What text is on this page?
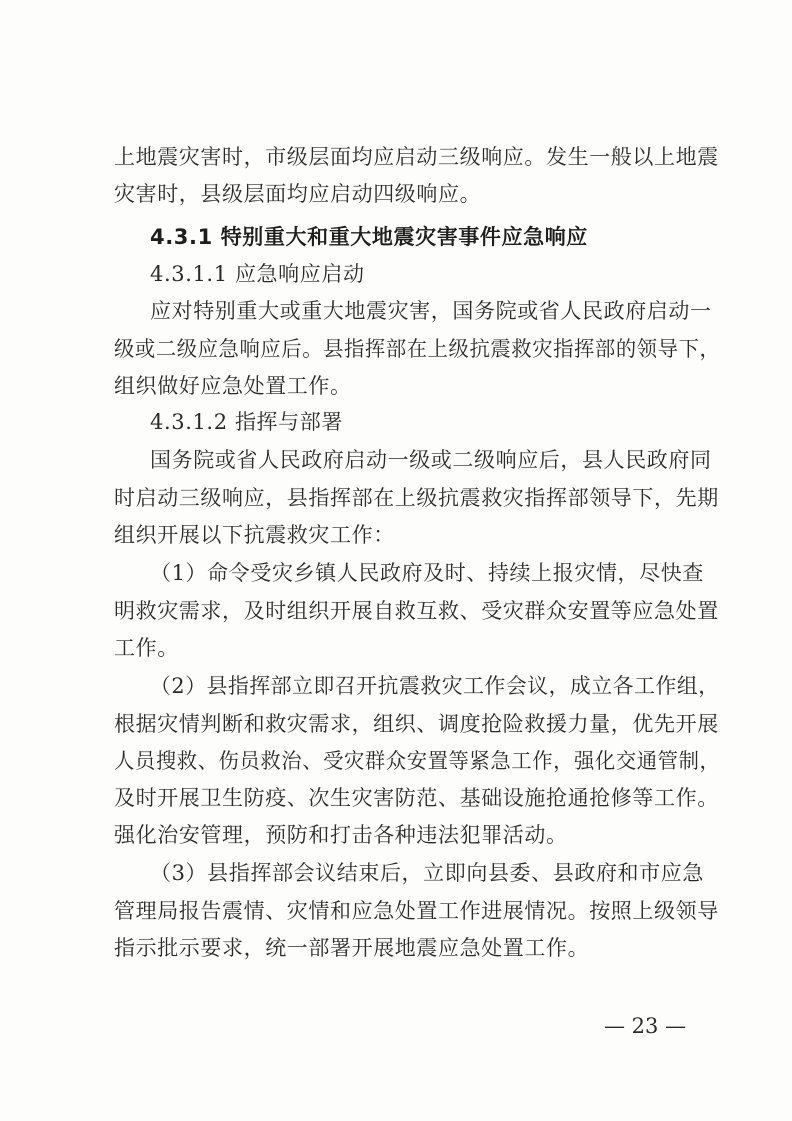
上地震灾害时，市级层面均应启动三级响应。发生一般以上地震
灾害时，县级层面均应启动四级响应。
4.3.1 特别重大和重大地震灾害事件应急响应
4.3.1.1 应急响应启动
应对特别重大或重大地震灾害，国务院或省人民政府启动一
级或二级应急响应后。县指挥部在上级抗震救灾指挥部的领导下，
组织做好应急处置工作。
4.3.1.2 指挥与部署
国务院或省人民政府启动一级或二级响应后，县人民政府同
时启动三级响应，县指挥部在上级抗震救灾指挥部领导下，先期
组织开展以下抗震救灾工作：
（1）命令受灾乡镇人民政府及时、持续上报灾情，尽快查
明救灾需求，及时组织开展自救互救、受灾群众安置等应急处置
工作。
（2）县指挥部立即召开抗震救灾工作会议，成立各工作组，
根据灾情判断和救灾需求，组织、调度抢险救援力量，优先开展
人员搜救、伤员救治、受灾群众安置等紧急工作，强化交通管制，
及时开展卫生防疫、次生灾害防范、基础设施抢通抢修等工作。
强化治安管理，预防和打击各种违法犯罪活动。
（3）县指挥部会议结束后，立即向县委、县政府和市应急
管理局报告震情、灾情和应急处置工作进展情况。按照上级领导
指示批示要求，统一部署开展地震应急处置工作。
— 23 —
